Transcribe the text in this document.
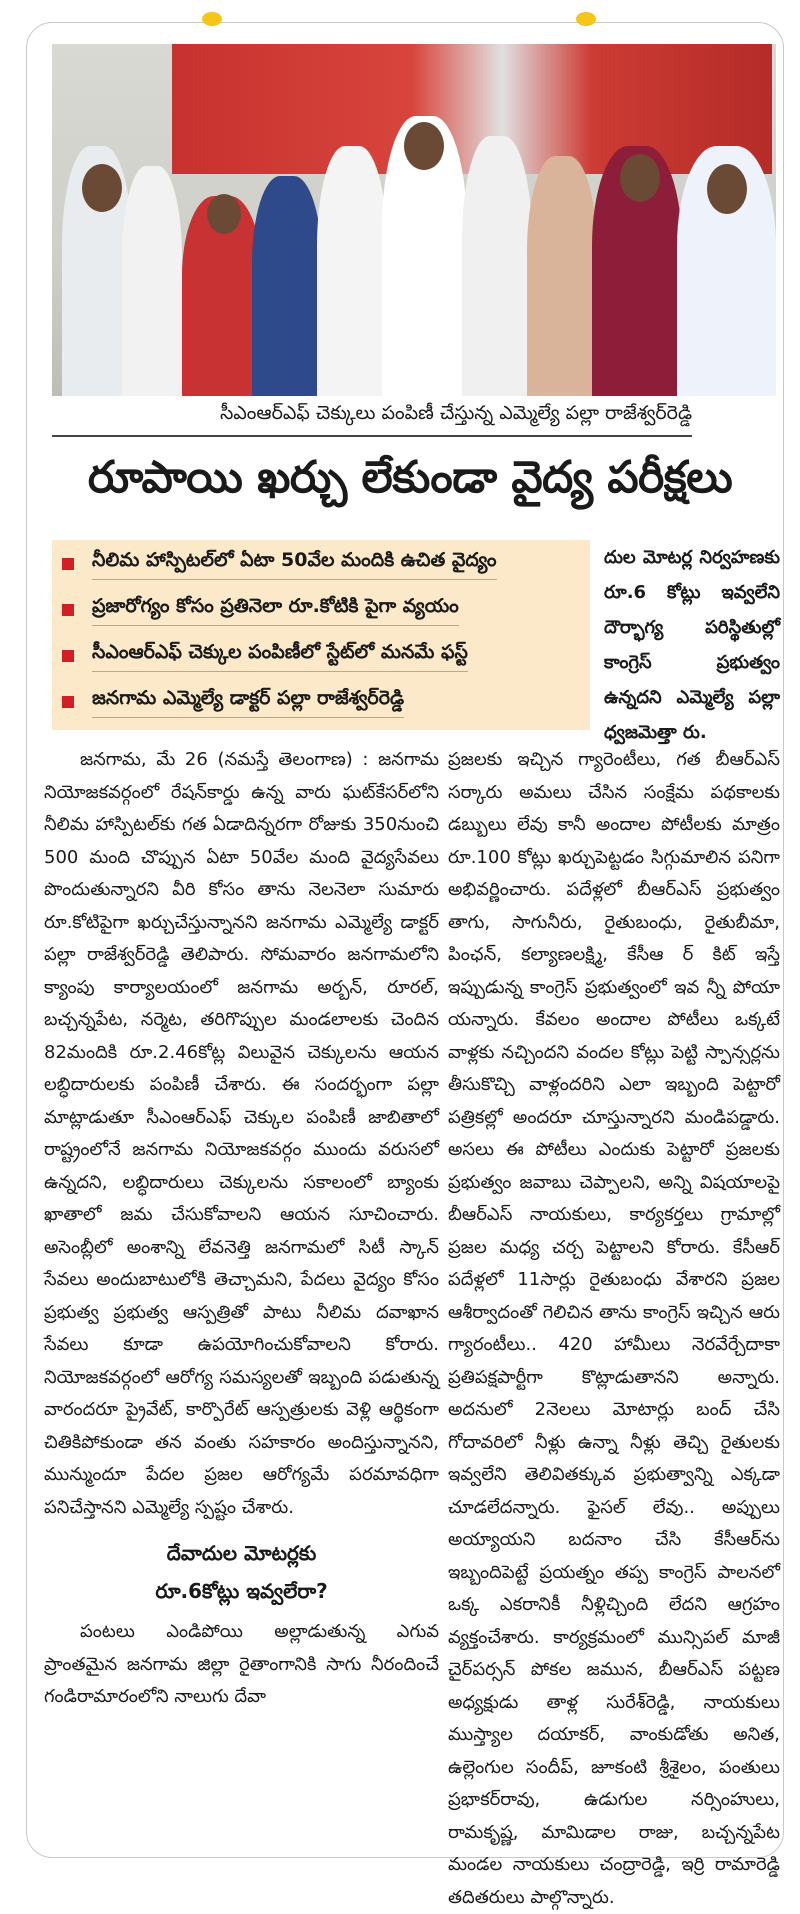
సీఎంఆర్ఎఫ్ చెక్కులు పంపిణీ చేస్తున్న ఎమ్మెల్యే పల్లా రాజేశ్వర్‌రెడ్డి
రూపాయి ఖర్చు లేకుండా వైద్య పరీక్షలు
నీలిమ హాస్పిటల్‌లో ఏటా 50వేల మందికి ఉచిత వైద్యం
ప్రజారోగ్యం కోసం ప్రతినెలా రూ.కోటికి పైగా వ్యయం
సీఎంఆర్ఎఫ్ చెక్కుల పంపిణీలో స్టేట్‌లో మనమే ఫస్ట్
జనగామ ఎమ్మెల్యే డాక్టర్ పల్లా రాజేశ్వర్‌రెడ్డి
దుల మోటర్ల నిర్వహణకు రూ.6 కోట్లు ఇవ్వలేని దౌర్భాగ్య పరిస్థితుల్లో కాంగ్రెస్ ప్రభుత్వం ఉన్నదని ఎమ్మెల్యే పల్లా ధ్వజమెత్తా రు.

జనగామ, మే 26 (నమస్తే తెలంగాణ) : జనగామ నియోజకవర్గంలో రేషన్‌కార్డు ఉన్న వారు ఘట్‌కేసర్‌లోని నీలిమ హాస్పిటల్‌కు గత ఏడాదిన్నరగా రోజుకు 350నుంచి 500 మంది చొప్పున ఏటా 50వేల మంది వైద్యసేవలు పొందుతున్నారని వీరి కోసం తాను నెలనెలా సుమారు రూ.కోటిపైగా ఖర్చుచేస్తున్నానని జనగామ ఎమ్మెల్యే డాక్టర్ పల్లా రాజేశ్వర్‌రెడ్డి తెలిపారు. సోమవారం జనగామలోని క్యాంపు కార్యాలయంలో జనగామ అర్బన్, రూరల్, బచ్చన్నపేట, నర్మెట, తరిగొప్పుల మండలాలకు చెందిన 82మందికి రూ.2.46కోట్ల విలువైన చెక్కులను ఆయన లబ్ధిదారులకు పంపిణీ చేశారు. ఈ సందర్భంగా పల్లా మాట్లాడుతూ సీఎంఆర్ఎఫ్ చెక్కుల పంపిణీ జాబితాలో రాష్ట్రంలోనే జనగామ నియోజకవర్గం ముందు వరుసలో ఉన్నదని, లబ్ధిదారులు చెక్కులను సకాలంలో బ్యాంకు ఖాతాలో జమ చేసుకోవాలని ఆయన సూచించారు. అసెంబ్లీలో అంశాన్ని లేవనెత్తి జనగామలో సిటీ స్కాన్ సేవలు అందుబాటులోకి తెచ్చామని, పేదలు వైద్యం కోసం ప్రభుత్వ ప్రభుత్వ ఆస్పత్రితో పాటు నీలిమ దవాఖాన సేవలు కూడా ఉపయోగించుకోవాలని కోరారు. నియోజకవర్గంలో ఆరోగ్య సమస్యలతో ఇబ్బంది పడుతున్న వారందరూ ప్రైవేట్, కార్పొరేట్ ఆస్పత్రులకు వెళ్లి ఆర్థికంగా చితికిపోకుండా తన వంతు సహకారం అందిస్తున్నానని, మున్ముందూ పేదల ప్రజల ఆరోగ్యమే పరమావధిగా పనిచేస్తానని ఎమ్మెల్యే స్పష్టం చేశారు.

దేవాదుల మోటర్లకు
రూ.6కోట్లు ఇవ్వలేరా?

పంటలు ఎండిపోయి అల్లాడుతున్న ఎగువ ప్రాంతమైన జనగామ జిల్లా రైతాంగానికి సాగు నీరందించే గండిరామారంలోని నాలుగు దేవా

ప్రజలకు ఇచ్చిన గ్యారెంటీలు, గత బీఆర్ఎస్ సర్కారు అమలు చేసిన సంక్షేమ పథకాలకు డబ్బులు లేవు కానీ అందాల పోటీలకు మాత్రం రూ.100 కోట్లు ఖర్చుపెట్టడం సిగ్గుమాలిన పనిగా అభివర్ణించారు. పదేళ్లలో బీఆర్ఎస్ ప్రభుత్వం తాగు, సాగునీరు, రైతుబంధు, రైతుబీమా, పింఛన్, కల్యాణలక్ష్మి, కేసీఆ ర్ కిట్ ఇస్తే ఇప్పుడున్న కాంగ్రెస్ ప్రభుత్వంలో ఇవ న్నీ పోయా యన్నారు. కేవలం అందాల పోటీలు ఒక్కటే వాళ్లకు నచ్చిందని వందల కోట్లు పెట్టి స్పాన్సర్లను తీసుకొచ్చి వాళ్లందరిని ఎలా ఇబ్బంది పెట్టారో పత్రికల్లో అందరూ చూస్తున్నారని మండిపడ్డారు. అసలు ఈ పోటీలు ఎందుకు పెట్టారో ప్రజలకు ప్రభుత్వం జవాబు చెప్పాలని, అన్ని విషయాలపై బీఆర్ఎస్ నాయకులు, కార్యకర్తలు గ్రామాల్లో ప్రజల మధ్య చర్చ పెట్టాలని కోరారు. కేసీఆర్ పదేళ్లలో 11సార్లు రైతుబంధు వేశారని ప్రజల ఆశీర్వాదంతో గెలిచిన తాను కాంగ్రెస్ ఇచ్చిన ఆరు గ్యారంటీలు.. 420 హామీలు నెరవేర్చేదాకా ప్రతిపక్షపార్టీగా కొట్లాడుతానని అన్నారు. అదనులో 2నెలలు మోటార్లు బంద్ చేసి గోదావరిలో నీళ్లు ఉన్నా నీళ్లు తెచ్చి రైతులకు ఇవ్వలేని తెలివితక్కువ ప్రభుత్వాన్ని ఎక్కడా చూడలేదన్నారు. ఫైసల్ లేవు.. అప్పులు అయ్యాయని బదనాం చేసి కేసీఆర్‌ను ఇబ్బందిపెట్టే ప్రయత్నం తప్ప కాంగ్రెస్ పాలనలో ఒక్క ఎకరానికీ నీళ్లిచ్చింది లేదని ఆగ్రహం వ్యక్తంచేశారు. కార్యక్రమంలో మున్సిపల్ మాజీ చైర్‌పర్సన్ పోకల జమున, బీఆర్ఎస్ పట్టణ అధ్యక్షుడు తాళ్ల సురేశ్‌రెడ్డి, నాయకులు ముస్త్యాల దయాకర్, వాంకుడోతు అనిత, ఉల్లెంగుల సందీప్, జూకంటి శ్రీశైలం, పంతులు ప్రభాకర్‌రావు, ఉడుగుల నర్సింహులు, రామకృష్ణ, మామిడాల రాజు, బచ్చన్నపేట మండల నాయకులు చంద్రారెడ్డి, ఇర్రి రామారెడ్డి తదితరులు పాల్గొన్నారు.
